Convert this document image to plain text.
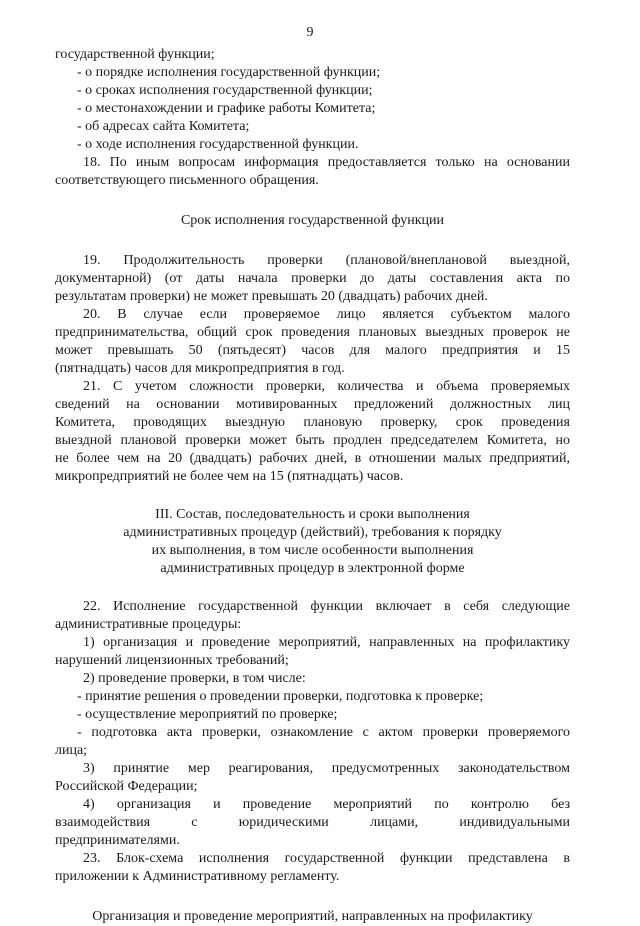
9
государственной функции;
- о порядке исполнения государственной функции;
- о сроках исполнения государственной функции;
- о местонахождении и графике работы Комитета;
- об адресах сайта Комитета;
- о ходе исполнения государственной функции.
18. По иным вопросам информация предоставляется только на основании
соответствующего письменного обращения.
Срок исполнения государственной функции
19. Продолжительность проверки (плановой/внеплановой выездной,
документарной) (от даты начала проверки до даты составления акта по
результатам проверки) не может превышать 20 (двадцать) рабочих дней.
20. В случае если проверяемое лицо является субъектом малого
предпринимательства, общий срок проведения плановых выездных проверок не
может превышать 50 (пятьдесят) часов для малого предприятия и 15
(пятнадцать) часов для микропредприятия в год.
21. С учетом сложности проверки, количества и объема проверяемых
сведений на основании мотивированных предложений должностных лиц
Комитета, проводящих выездную плановую проверку, срок проведения
выездной плановой проверки может быть продлен председателем Комитета, но
не более чем на 20 (двадцать) рабочих дней, в отношении малых предприятий,
микропредприятий не более чем на 15 (пятнадцать) часов.
III. Состав, последовательность и сроки выполнения
административных процедур (действий), требования к порядку
их выполнения, в том числе особенности выполнения
административных процедур в электронной форме
22. Исполнение государственной функции включает в себя следующие
административные процедуры:
1) организация и проведение мероприятий, направленных на профилактику
нарушений лицензионных требований;
2) проведение проверки, в том числе:
- принятие решения о проведении проверки, подготовка к проверке;
- осуществление мероприятий по проверке;
- подготовка акта проверки, ознакомление с актом проверки проверяемого
лица;
3) принятие мер реагирования, предусмотренных законодательством
Российской Федерации;
4) организация и проведение мероприятий по контролю без
взаимодействия с юридическими лицами, индивидуальными
предпринимателями.
23. Блок-схема исполнения государственной функции представлена в
приложении к Административному регламенту.
Организация и проведение мероприятий, направленных на профилактику
